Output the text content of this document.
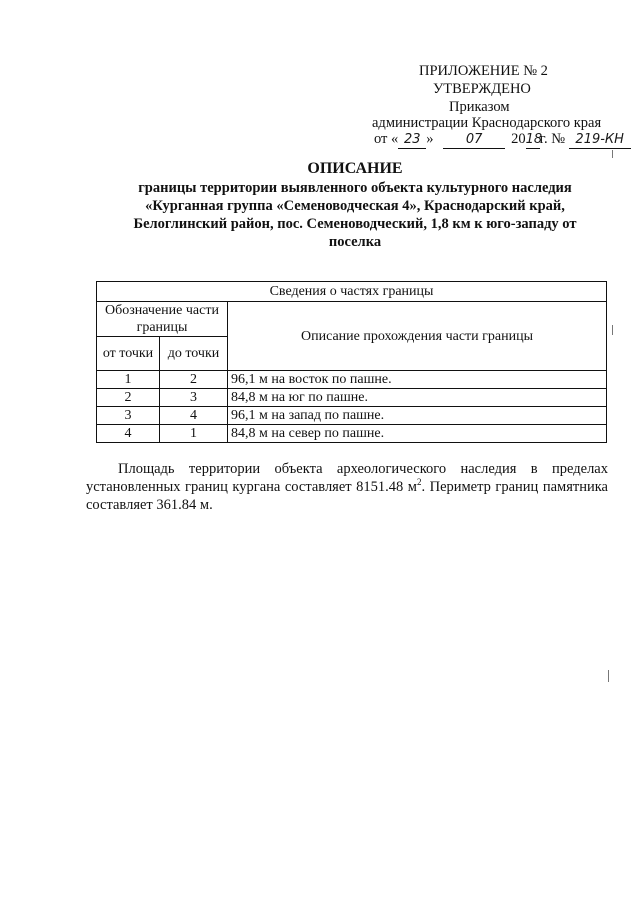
ПРИЛОЖЕНИЕ № 2
УТВЕРЖДЕНО
Приказом
администрации Краснодарского края
от « 23 » 07 2018г. № 219-КН
ОПИСАНИЕ
границы территории выявленного объекта культурного наследия
«Курганная группа «Семеноводческая 4», Краснодарский край,
Белоглинский район, пос. Семеноводческий, 1,8 км к юго-западу от
поселка
Сведения о частях границы		
Обозначение части границы		Описание прохождения части границы
от точки	до точки	
1	2	96,1 м на восток по пашне.
2	3	84,8 м на юг по пашне.
3	4	96,1 м на запад по пашне.
4	1	84,8 м на север по пашне.
Площадь территории объекта археологического наследия в пределах установленных границ кургана составляет 8151.48 $м^2$. Периметр границ памятника составляет 361.84 м.
